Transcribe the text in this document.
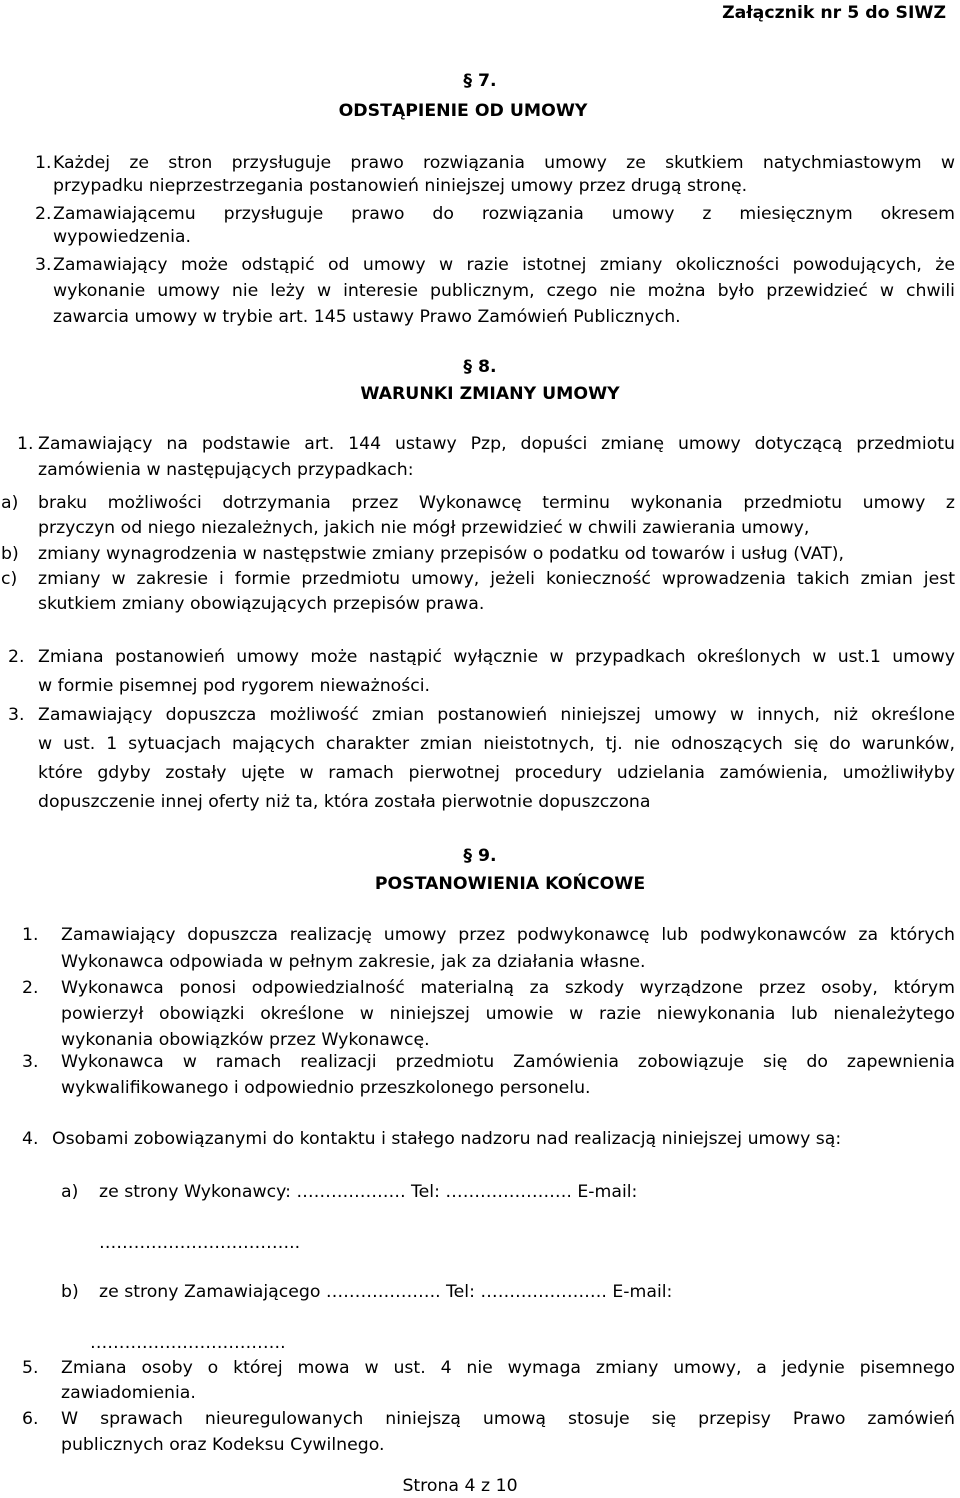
Załącznik nr 5 do SIWZ
§ 7.
ODSTĄPIENIE OD UMOWY
1. Każdej ze stron przysługuje prawo rozwiązania umowy ze skutkiem natychmiastowym w
przypadku nieprzestrzegania postanowień niniejszej umowy przez drugą stronę.
2. Zamawiającemu przysługuje prawo do rozwiązania umowy z miesięcznym okresem
wypowiedzenia.
3. Zamawiający może odstąpić od umowy w razie istotnej zmiany okoliczności powodujących, że
wykonanie umowy nie leży w interesie publicznym, czego nie można było przewidzieć w chwili
zawarcia umowy w trybie art. 145 ustawy Prawo Zamówień Publicznych.
§ 8.
WARUNKI ZMIANY UMOWY
1. Zamawiający na podstawie art. 144 ustawy Pzp, dopuści zmianę umowy dotyczącą przedmiotu
zamówienia w następujących przypadkach:
a) braku możliwości dotrzymania przez Wykonawcę terminu wykonania przedmiotu umowy z
przyczyn od niego niezależnych, jakich nie mógł przewidzieć w chwili zawierania umowy,
b) zmiany wynagrodzenia w następstwie zmiany przepisów o podatku od towarów i usług (VAT),
c) zmiany w zakresie i formie przedmiotu umowy, jeżeli konieczność wprowadzenia takich zmian jest
skutkiem zmiany obowiązujących przepisów prawa.
2. Zmiana postanowień umowy może nastąpić wyłącznie w przypadkach określonych w ust.1 umowy
w formie pisemnej pod rygorem nieważności.
3. Zamawiający dopuszcza możliwość zmian postanowień niniejszej umowy w innych, niż określone
w ust. 1 sytuacjach mających charakter zmian nieistotnych, tj. nie odnoszących się do warunków,
które gdyby zostały ujęte w ramach pierwotnej procedury udzielania zamówienia, umożliwiłyby
dopuszczenie innej oferty niż ta, która została pierwotnie dopuszczona
§ 9.
POSTANOWIENIA KOŃCOWE
1. Zamawiający dopuszcza realizację umowy przez podwykonawcę lub podwykonawców za których
Wykonawca odpowiada w pełnym zakresie, jak za działania własne.
2. Wykonawca ponosi odpowiedzialność materialną za szkody wyrządzone przez osoby, którym
powierzył obowiązki określone w niniejszej umowie w razie niewykonania lub nienależytego
wykonania obowiązków przez Wykonawcę.
3. Wykonawca w ramach realizacji przedmiotu Zamówienia zobowiązuje się do zapewnienia
wykwalifikowanego i odpowiednio przeszkolonego personelu.
4. Osobami zobowiązanymi do kontaktu i stałego nadzoru nad realizacją niniejszej umowy są:
a) ze strony Wykonawcy: ………………. Tel: …………………. E-mail:
……………………………..
b) ze strony Zamawiającego ……………….. Tel: …………………. E-mail:
…………………………….
5. Zmiana osoby o której mowa w ust. 4 nie wymaga zmiany umowy, a jedynie pisemnego
zawiadomienia.
6. W sprawach nieuregulowanych niniejszą umową stosuje się przepisy Prawo zamówień
publicznych oraz Kodeksu Cywilnego.
Strona 4 z 10
